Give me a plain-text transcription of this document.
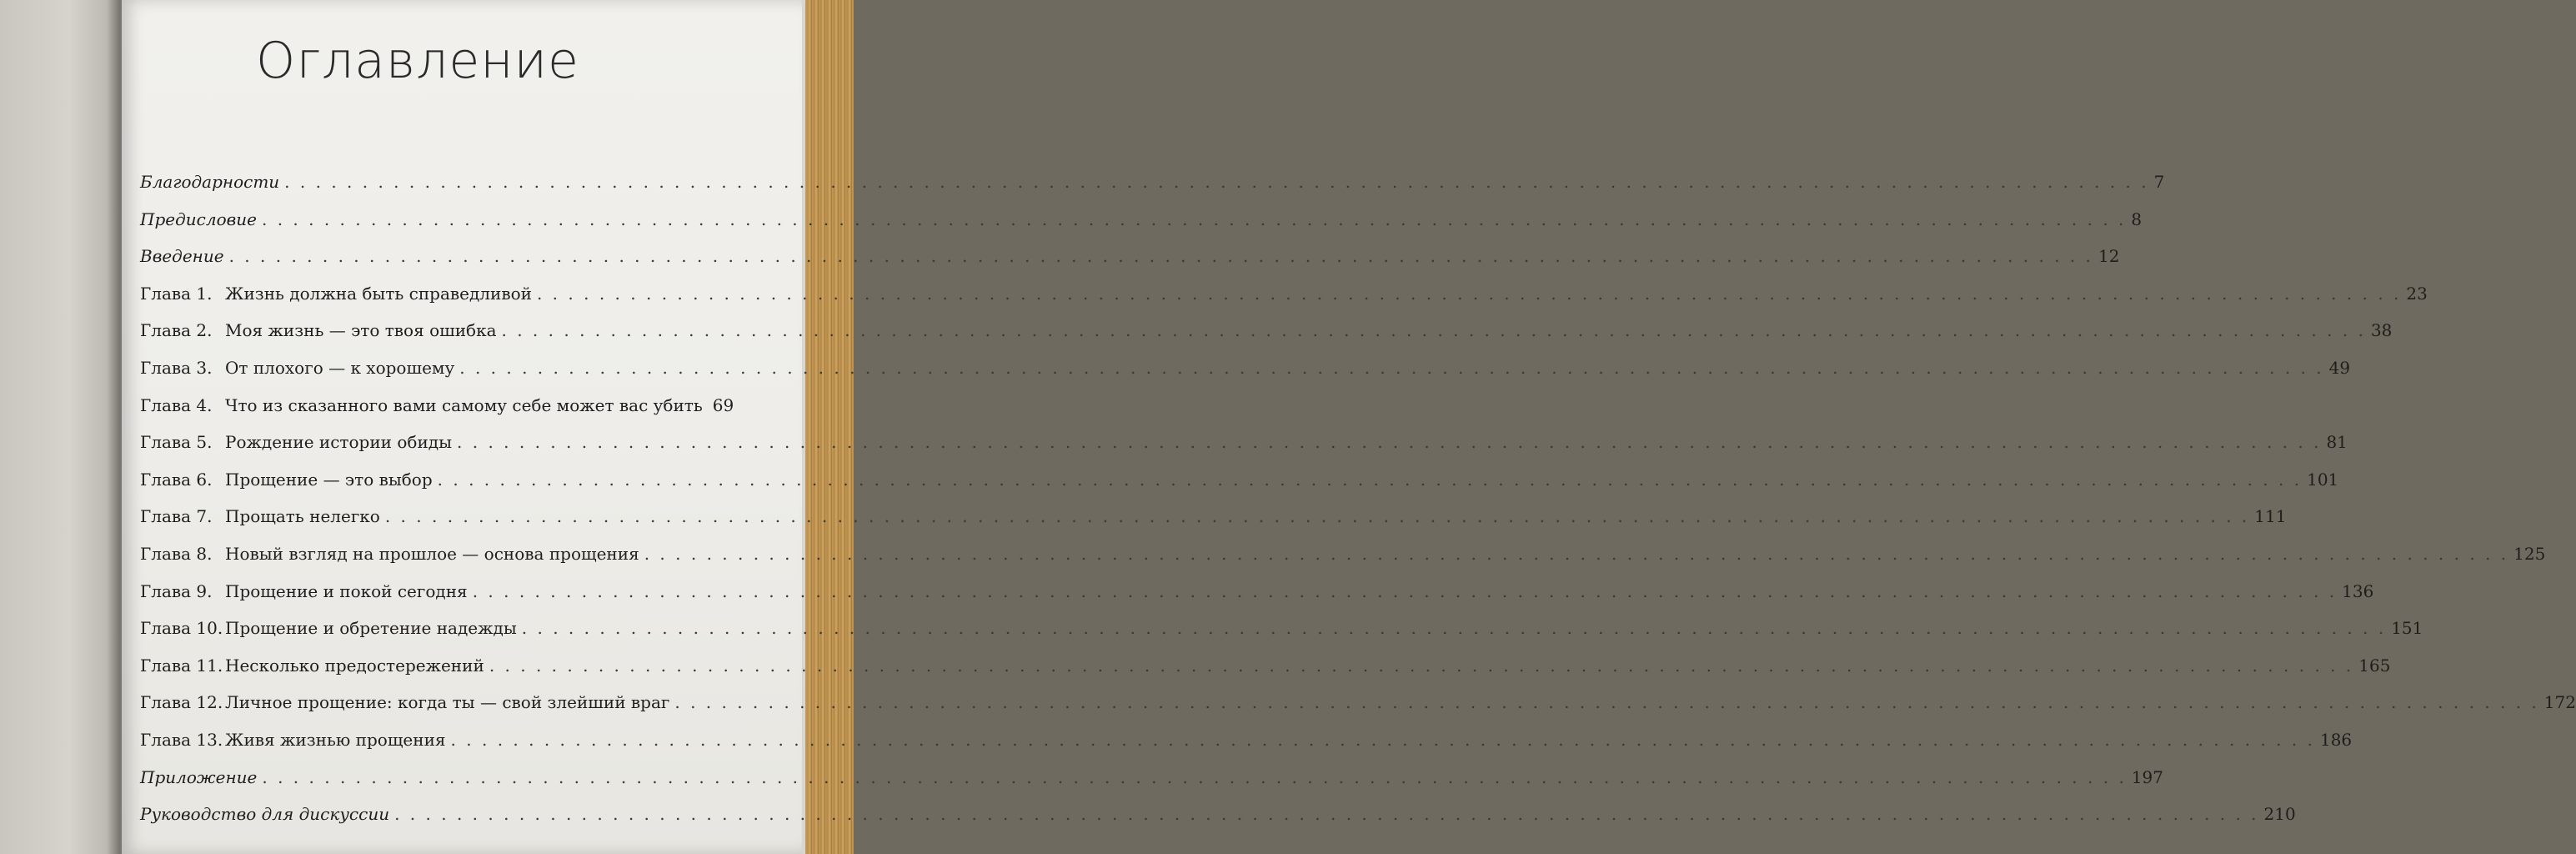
Оглавление
Благодарности . . . . . . . . . . . . . . . . . . . . . . . . . . . . . . . . . . . . . . . . . . . . . . . . . . . . . . . . . . . . . . . . . . . . . . . . . . . . . . . . . . . . . . . . . . . . . . . . . . . . . . . . . . . . . . . . . . . . . . . . 7
Предисловие . . . . . . . . . . . . . . . . . . . . . . . . . . . . . . . . . . . . . . . . . . . . . . . . . . . . . . . . . . . . . . . . . . . . . . . . . . . . . . . . . . . . . . . . . . . . . . . . . . . . . . . . . . . . . . . . . . . . . . . . 8
Введение . . . . . . . . . . . . . . . . . . . . . . . . . . . . . . . . . . . . . . . . . . . . . . . . . . . . . . . . . . . . . . . . . . . . . . . . . . . . . . . . . . . . . . . . . . . . . . . . . . . . . . . . . . . . . . . . . . . . . . . . 12
Глава 1. Жизнь должна быть справедливой . . . . . . . . . . . . . . . . . . . . . . . . . . . . . . . . . . . . . . . . . . . . . . . . . . . . . . . . . . . . . . . . . . . . . . . . . . . . . . . . . . . . . . . . . . . . . . . . . . . . . . . . . . . . . . . . . . . . . . . . 23
Глава 2. Моя жизнь — это твоя ошибка . . . . . . . . . . . . . . . . . . . . . . . . . . . . . . . . . . . . . . . . . . . . . . . . . . . . . . . . . . . . . . . . . . . . . . . . . . . . . . . . . . . . . . . . . . . . . . . . . . . . . . . . . . . . . . . . . . . . . . . . 38
Глава 3. От плохого — к хорошему . . . . . . . . . . . . . . . . . . . . . . . . . . . . . . . . . . . . . . . . . . . . . . . . . . . . . . . . . . . . . . . . . . . . . . . . . . . . . . . . . . . . . . . . . . . . . . . . . . . . . . . . . . . . . . . . . . . . . . . . 49
Глава 4. Что из сказанного вами самому себе может вас убить 69
Глава 5. Рождение истории обиды . . . . . . . . . . . . . . . . . . . . . . . . . . . . . . . . . . . . . . . . . . . . . . . . . . . . . . . . . . . . . . . . . . . . . . . . . . . . . . . . . . . . . . . . . . . . . . . . . . . . . . . . . . . . . . . . . . . . . . . . 81
Глава 6. Прощение — это выбор . . . . . . . . . . . . . . . . . . . . . . . . . . . . . . . . . . . . . . . . . . . . . . . . . . . . . . . . . . . . . . . . . . . . . . . . . . . . . . . . . . . . . . . . . . . . . . . . . . . . . . . . . . . . . . . . . . . . . . . . 101
Глава 7. Прощать нелегко . . . . . . . . . . . . . . . . . . . . . . . . . . . . . . . . . . . . . . . . . . . . . . . . . . . . . . . . . . . . . . . . . . . . . . . . . . . . . . . . . . . . . . . . . . . . . . . . . . . . . . . . . . . . . . . . . . . . . . . . 111
Глава 8. Новый взгляд на прошлое — основа прощения . . . . . . . . . . . . . . . . . . . . . . . . . . . . . . . . . . . . . . . . . . . . . . . . . . . . . . . . . . . . . . . . . . . . . . . . . . . . . . . . . . . . . . . . . . . . . . . . . . . . . . . . . . . . . . . . . . . . . . . . 125
Глава 9. Прощение и покой сегодня . . . . . . . . . . . . . . . . . . . . . . . . . . . . . . . . . . . . . . . . . . . . . . . . . . . . . . . . . . . . . . . . . . . . . . . . . . . . . . . . . . . . . . . . . . . . . . . . . . . . . . . . . . . . . . . . . . . . . . . . 136
Глава 10. Прощение и обретение надежды . . . . . . . . . . . . . . . . . . . . . . . . . . . . . . . . . . . . . . . . . . . . . . . . . . . . . . . . . . . . . . . . . . . . . . . . . . . . . . . . . . . . . . . . . . . . . . . . . . . . . . . . . . . . . . . . . . . . . . . . 151
Глава 11. Несколько предостережений . . . . . . . . . . . . . . . . . . . . . . . . . . . . . . . . . . . . . . . . . . . . . . . . . . . . . . . . . . . . . . . . . . . . . . . . . . . . . . . . . . . . . . . . . . . . . . . . . . . . . . . . . . . . . . . . . . . . . . . . 165
Глава 12. Личное прощение: когда ты — свой злейший враг . . . . . . . . . . . . . . . . . . . . . . . . . . . . . . . . . . . . . . . . . . . . . . . . . . . . . . . . . . . . . . . . . . . . . . . . . . . . . . . . . . . . . . . . . . . . . . . . . . . . . . . . . . . . . . . . . . . . . . . . 172
Глава 13. Живя жизнью прощения . . . . . . . . . . . . . . . . . . . . . . . . . . . . . . . . . . . . . . . . . . . . . . . . . . . . . . . . . . . . . . . . . . . . . . . . . . . . . . . . . . . . . . . . . . . . . . . . . . . . . . . . . . . . . . . . . . . . . . . . 186
Приложение . . . . . . . . . . . . . . . . . . . . . . . . . . . . . . . . . . . . . . . . . . . . . . . . . . . . . . . . . . . . . . . . . . . . . . . . . . . . . . . . . . . . . . . . . . . . . . . . . . . . . . . . . . . . . . . . . . . . . . . . 197
Руководство для дискуссии . . . . . . . . . . . . . . . . . . . . . . . . . . . . . . . . . . . . . . . . . . . . . . . . . . . . . . . . . . . . . . . . . . . . . . . . . . . . . . . . . . . . . . . . . . . . . . . . . . . . . . . . . . . . . . . . . . . . . . . . 210
